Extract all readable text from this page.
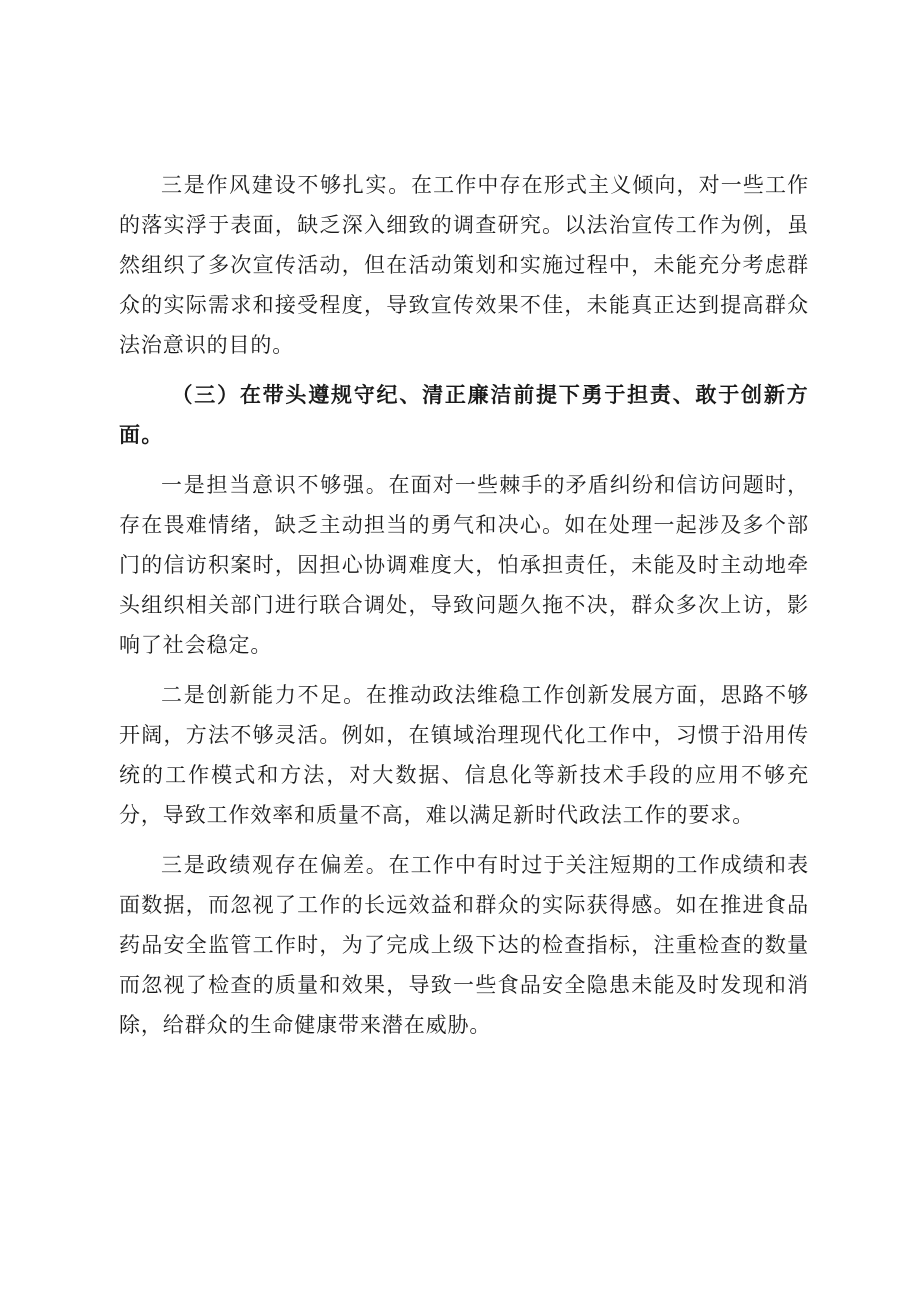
三是作风建设不够扎实。在工作中存在形式主义倾向，对一些工作的落实浮于表面，缺乏深入细致的调查研究。以法治宣传工作为例，虽然组织了多次宣传活动，但在活动策划和实施过程中，未能充分考虑群众的实际需求和接受程度，导致宣传效果不佳，未能真正达到提高群众法治意识的目的。

（三）在带头遵规守纪、清正廉洁前提下勇于担责、敢于创新方面。

一是担当意识不够强。在面对一些棘手的矛盾纠纷和信访问题时，存在畏难情绪，缺乏主动担当的勇气和决心。如在处理一起涉及多个部门的信访积案时，因担心协调难度大，怕承担责任，未能及时主动地牵头组织相关部门进行联合调处，导致问题久拖不决，群众多次上访，影响了社会稳定。

二是创新能力不足。在推动政法维稳工作创新发展方面，思路不够开阔，方法不够灵活。例如，在镇域治理现代化工作中，习惯于沿用传统的工作模式和方法，对大数据、信息化等新技术手段的应用不够充分，导致工作效率和质量不高，难以满足新时代政法工作的要求。

三是政绩观存在偏差。在工作中有时过于关注短期的工作成绩和表面数据，而忽视了工作的长远效益和群众的实际获得感。如在推进食品药品安全监管工作时，为了完成上级下达的检查指标，注重检查的数量而忽视了检查的质量和效果，导致一些食品安全隐患未能及时发现和消除，给群众的生命健康带来潜在威胁。
